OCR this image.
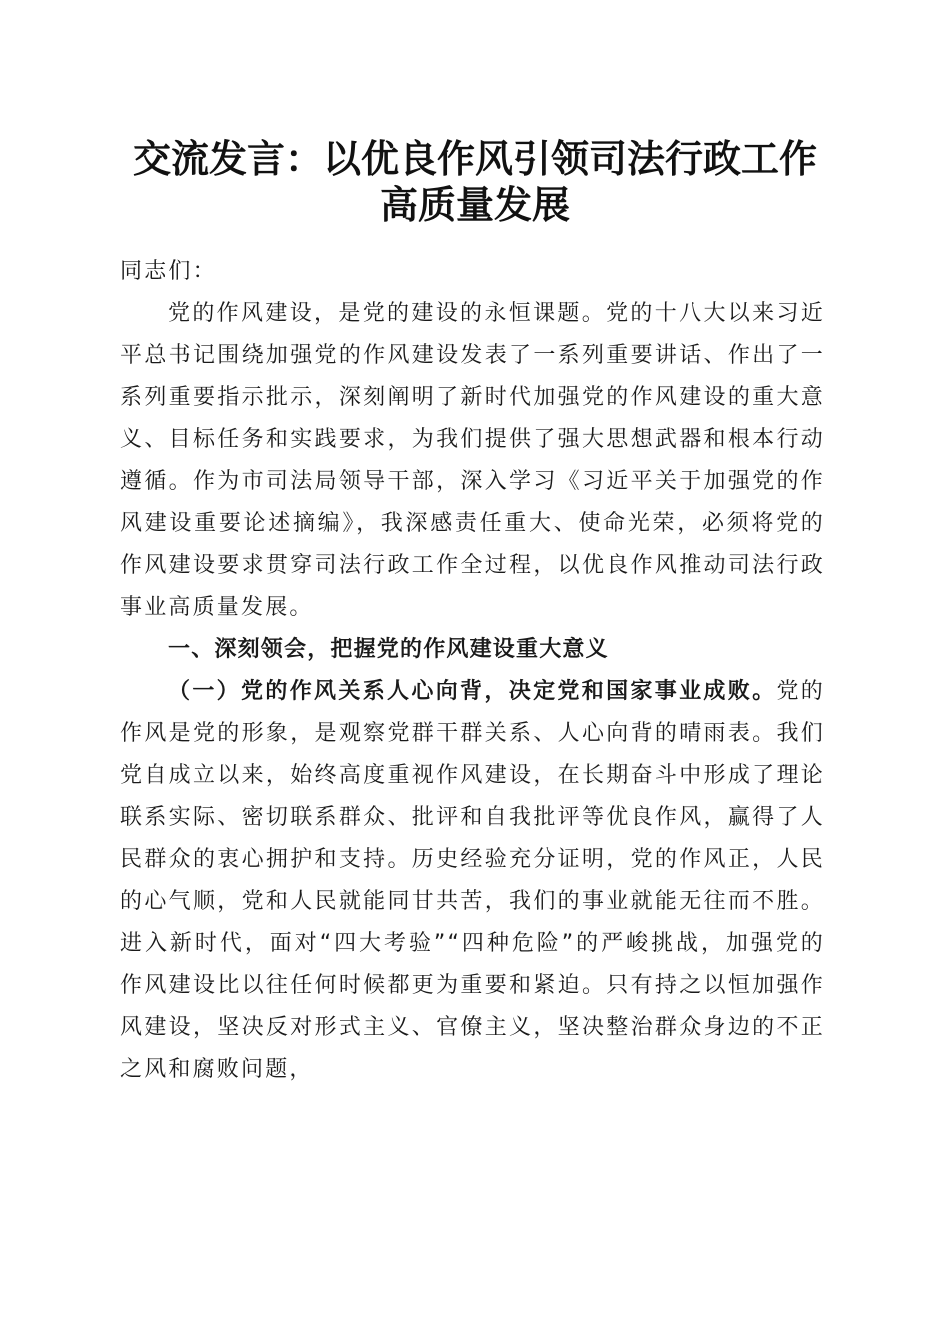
交流发言：以优良作风引领司法行政工作高质量发展

同志们：

党的作风建设，是党的建设的永恒课题。党的十八大以来习近平总书记围绕加强党的作风建设发表了一系列重要讲话、作出了一系列重要指示批示，深刻阐明了新时代加强党的作风建设的重大意义、目标任务和实践要求，为我们提供了强大思想武器和根本行动遵循。作为市司法局领导干部，深入学习《习近平关于加强党的作风建设重要论述摘编》，我深感责任重大、使命光荣，必须将党的作风建设要求贯穿司法行政工作全过程，以优良作风推动司法行政事业高质量发展。

一、深刻领会，把握党的作风建设重大意义

（一）党的作风关系人心向背，决定党和国家事业成败。党的作风是党的形象，是观察党群干群关系、人心向背的晴雨表。我们党自成立以来，始终高度重视作风建设，在长期奋斗中形成了理论联系实际、密切联系群众、批评和自我批评等优良作风，赢得了人民群众的衷心拥护和支持。历史经验充分证明，党的作风正，人民的心气顺，党和人民就能同甘共苦，我们的事业就能无往而不胜。进入新时代，面对“四大考验”“四种危险”的严峻挑战，加强党的作风建设比以往任何时候都更为重要和紧迫。只有持之以恒加强作风建设，坚决反对形式主义、官僚主义，坚决整治群众身边的不正之风和腐败问题，
